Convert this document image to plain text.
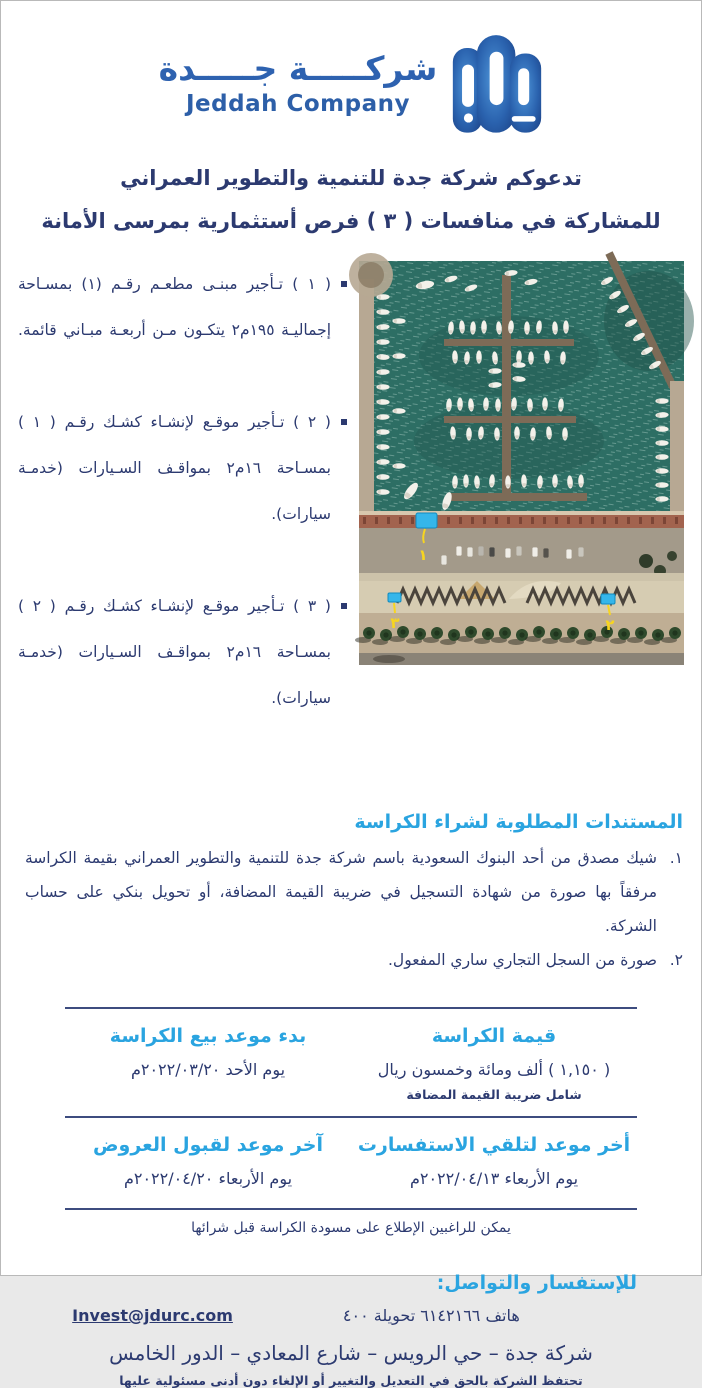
شركـــــة جـــــدة
Jeddah Company
تدعوكم شركة جدة للتنمية والتطوير العمراني
للمشاركة في منافسات ( ٣ ) فرص أستثمارية بمرسى الأمانة
١
٢
٣

( ١ ) تـأجير مبنـى مطعـم رقـم (١) بمسـاحة إجماليـة ١٩٥م٢ يتكـون مـن أربعـة مبـاني قائمة.

( ٢ ) تـأجير موقـع لإنشـاء كشـك رقـم ( ١ ) بمسـاحة ١٦م٢ بمواقـف السـيارات (خدمـة سيارات).

( ٣ ) تـأجير موقـع لإنشـاء كشـك رقـم ( ٢ ) بمسـاحة ١٦م٢ بمواقـف السـيارات (خدمـة سيارات).

المستندات المطلوبة لشراء الكراسة
١.

شيك مصدق من أحد البنوك السعودية باسم شركة جدة للتنمية والتطوير العمراني بقيمة الكراسة مرفقاً بها صورة من شهادة التسجيل في ضريبة القيمة المضافة، أو تحويل بنكي على حساب الشركة.

٢.

صورة من السجل التجاري ساري المفعول.

قيمة الكراسة
( ١,١٥٠ ) ألف ومائة وخمسون ريال
شامل ضريبة القيمة المضافة
بدء موعد بيع الكراسة
يوم الأحد ٢٠٢٢/٠٣/٢٠م
أخر موعد لتلقي الاستفسارت
يوم الأربعاء ٢٠٢٢/٠٤/١٣م
آخر موعد لقبول العروض
يوم الأربعاء ٢٠٢٢/٠٤/٢٠م
يمكن للراغبين الإطلاع على مسودة الكراسة قبل شرائها
للإستفسار والتواصل:
Invest@jdurc.com	هاتف ٦١٤٢١٦٦ تحويلة ٤٠٠
شركة جدة – حي الرويس – شارع المعادي – الدور الخامس
تحتفظ الشركة بالحق في التعديل والتغيير أو الإلغاء دون أدنى مسئولية عليها
